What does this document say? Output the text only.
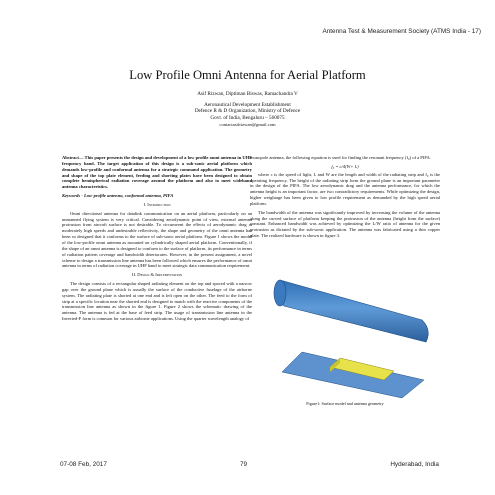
Antenna Test & Measurement Society (ATMS India - 17)
Low Profile Omni Antenna for Aerial Platform
Asif Rizwan, Diptiman Biswas, Ramachandra V
Aeronautical Development Establishment
Defence R & D Organization, Ministry of Defence
Govt. of India, Bengaluru – 560075
contactasifrizwan@gmail.com

Abstract— This paper presents the design and development of a low profile omni antenna in UHF frequency band. The target application of this design is a sub-sonic aerial platform which demands low-profile and conformal antenna for a strategic command application. The geometry and shape of the top plate element, feeding and shorting plates have been designed to obtain complete hemispherical radiation coverage around the platform and also to meet wideband antenna characteristics.

Keywords - Low-profile antenna, conformal antenna, PIFA

I. Introduction

Omni directional antenna for datalink communication on an aerial platform, particularly on an unmanned flying system is very critical. Considering aerodynamic point of view, external antenna protrusion from aircraft surface is not desirable. To circumvent the effects of aerodynamic drag at moderately high speeds and undesirable reflectivity, the shape and geometry of the omni antenna has been so designed that it conforms to the surface of sub-sonic aerial platform. Figure 1 shows the model of the low-profile omni antenna as mounted on cylindrically shaped aerial platform. Conventionally, if the shape of an omni antenna is designed to conform to the surface of platform, its performance in terms of radiation pattern coverage and bandwidth deteriorates. However, in the present assignment, a novel scheme to design a transmission line antenna has been followed which ensures the performance of omni antenna in terms of radiation coverage in UHF band to meet strategic data communication requirement.

II. Design & Implementation

The design consists of a rectangular shaped radiating element on the top and spaced with a narrow gap over the ground plane which is usually the surface of the conductive fuselage of the airborne system. The radiating plate is shorted at one end and is left open on the other. The feed to the form of strip at a specific location near the shorted end is designed to match with the reactive components of the transmission line antenna as shown in the figure 1. Figure 2 shows the schematic drawing of the antenna. The antenna is fed at the base of feed strip. The usage of transmission line antenna in the Inverted-F form is common for various airborne applications. Using the quarter wavelength analogy of

monopole antenna, the following equation is used for finding the resonant frequency (f₀) of a PIFA.

f₀ = c/4(W+ L)

where c is the speed of light, L and W are the length and width of the radiating strip and f₀ is the operating frequency. The height of the radiating strip form the ground plane is an important parameter in the design of the PIFA. The low aerodynamic drag and the antenna performance, for which the antenna height is an important factor, are two contradictory requirements. While optimizing the design, higher weightage has been given to low profile requirement as demanded by the high speed aerial platform.

The bandwidth of the antenna was significantly improved by increasing the volume of the antenna along the curved surface of platform keeping the protrusion of the antenna (height from the surface) constant. Enhanced bandwidth was achieved by optimizing the L/W ratio of antenna for the given protrusion as dictated by the sub-sonic application. The antenna was fabricated using a thin copper plate. The realized hardware is shown in figure 3.

Figure1: Surface model and antenna geometry
07-08 Feb, 2017	79	Hyderabad, India
